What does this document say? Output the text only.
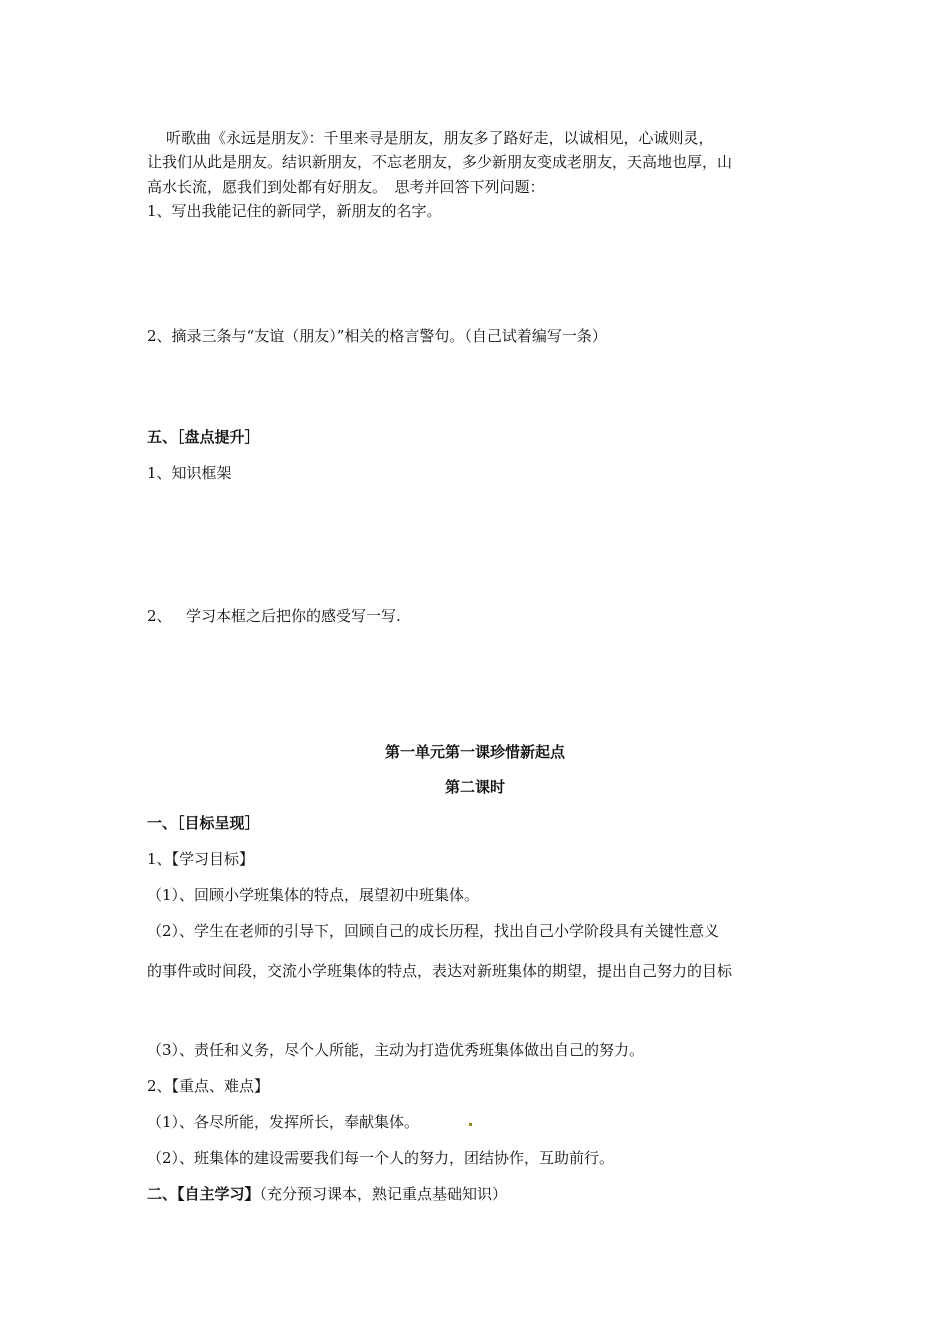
听歌曲《永远是朋友》：千里来寻是朋友，朋友多了路好走，以诚相见，心诚则灵，
让我们从此是朋友。结识新朋友，不忘老朋友，多少新朋友变成老朋友，天高地也厚，山
高水长流，愿我们到处都有好朋友。　思考并回答下列问题：
1、写出我能记住的新同学，新朋友的名字。
2、摘录三条与“友谊（朋友）”相关的格言警句。（自己试着编写一条）
五、［盘点提升］
1、知识框架
2、 学习本框之后把你的感受写一写.
第一单元第一课珍惜新起点
第二课时
一、［目标呈现］
1、【学习目标】
（1）、回顾小学班集体的特点，展望初中班集体。
（2）、学生在老师的引导下，回顾自己的成长历程，找出自己小学阶段具有关键性意义
的事件或时间段，交流小学班集体的特点，表达对新班集体的期望，提出自己努力的目标
（3）、责任和义务，尽个人所能，主动为打造优秀班集体做出自己的努力。
2、【重点、难点】
（1）、各尽所能，发挥所长，奉献集体。
（2）、班集体的建设需要我们每一个人的努力，团结协作，互助前行。
二、【自主学习】（充分预习课本，熟记重点基础知识）
